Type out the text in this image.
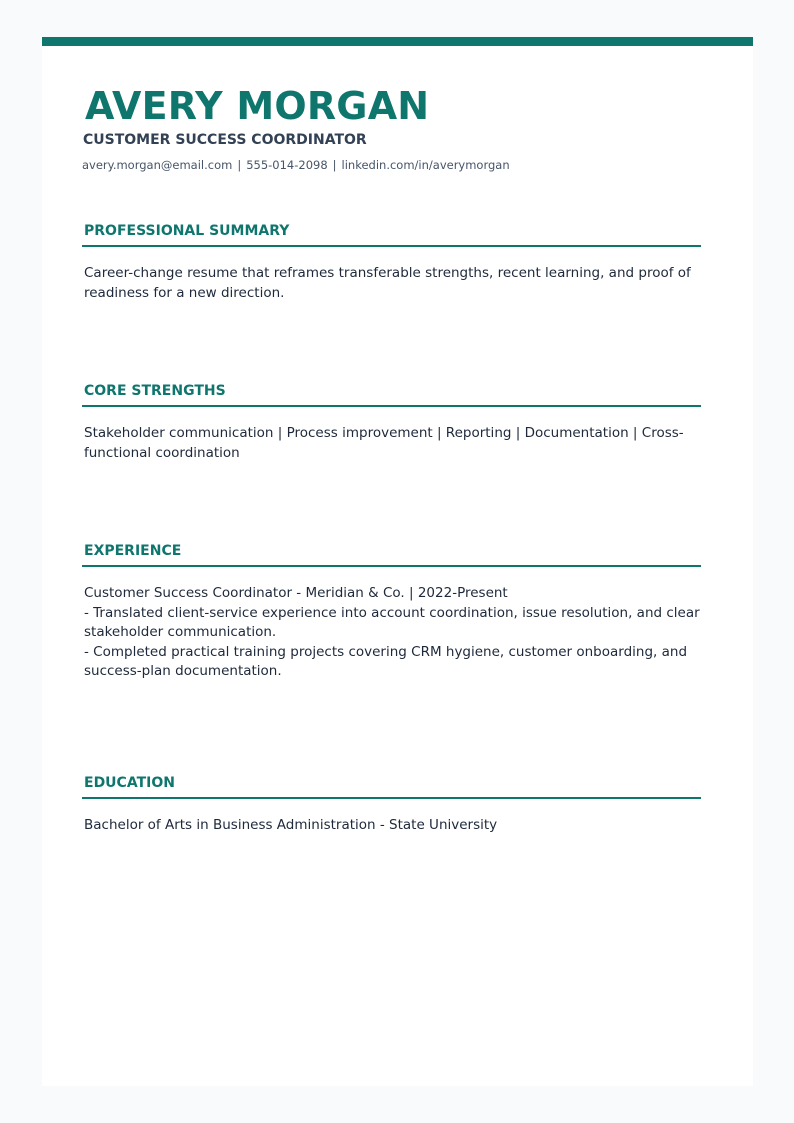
AVERY MORGAN
CUSTOMER SUCCESS COORDINATOR
avery.morgan@email.com | 555-014-2098 | linkedin.com/in/averymorgan
PROFESSIONAL SUMMARY

Career-change resume that reframes transferable strengths, recent learning, and proof of readiness for a new direction.

CORE STRENGTHS

Stakeholder communication | Process improvement | Reporting | Documentation | Cross-functional coordination

EXPERIENCE

Customer Success Coordinator - Meridian & Co. | 2022-Present

- Translated client-service experience into account coordination, issue resolution, and clear stakeholder communication.

- Completed practical training projects covering CRM hygiene, customer onboarding, and success-plan documentation.

EDUCATION

Bachelor of Arts in Business Administration - State University
